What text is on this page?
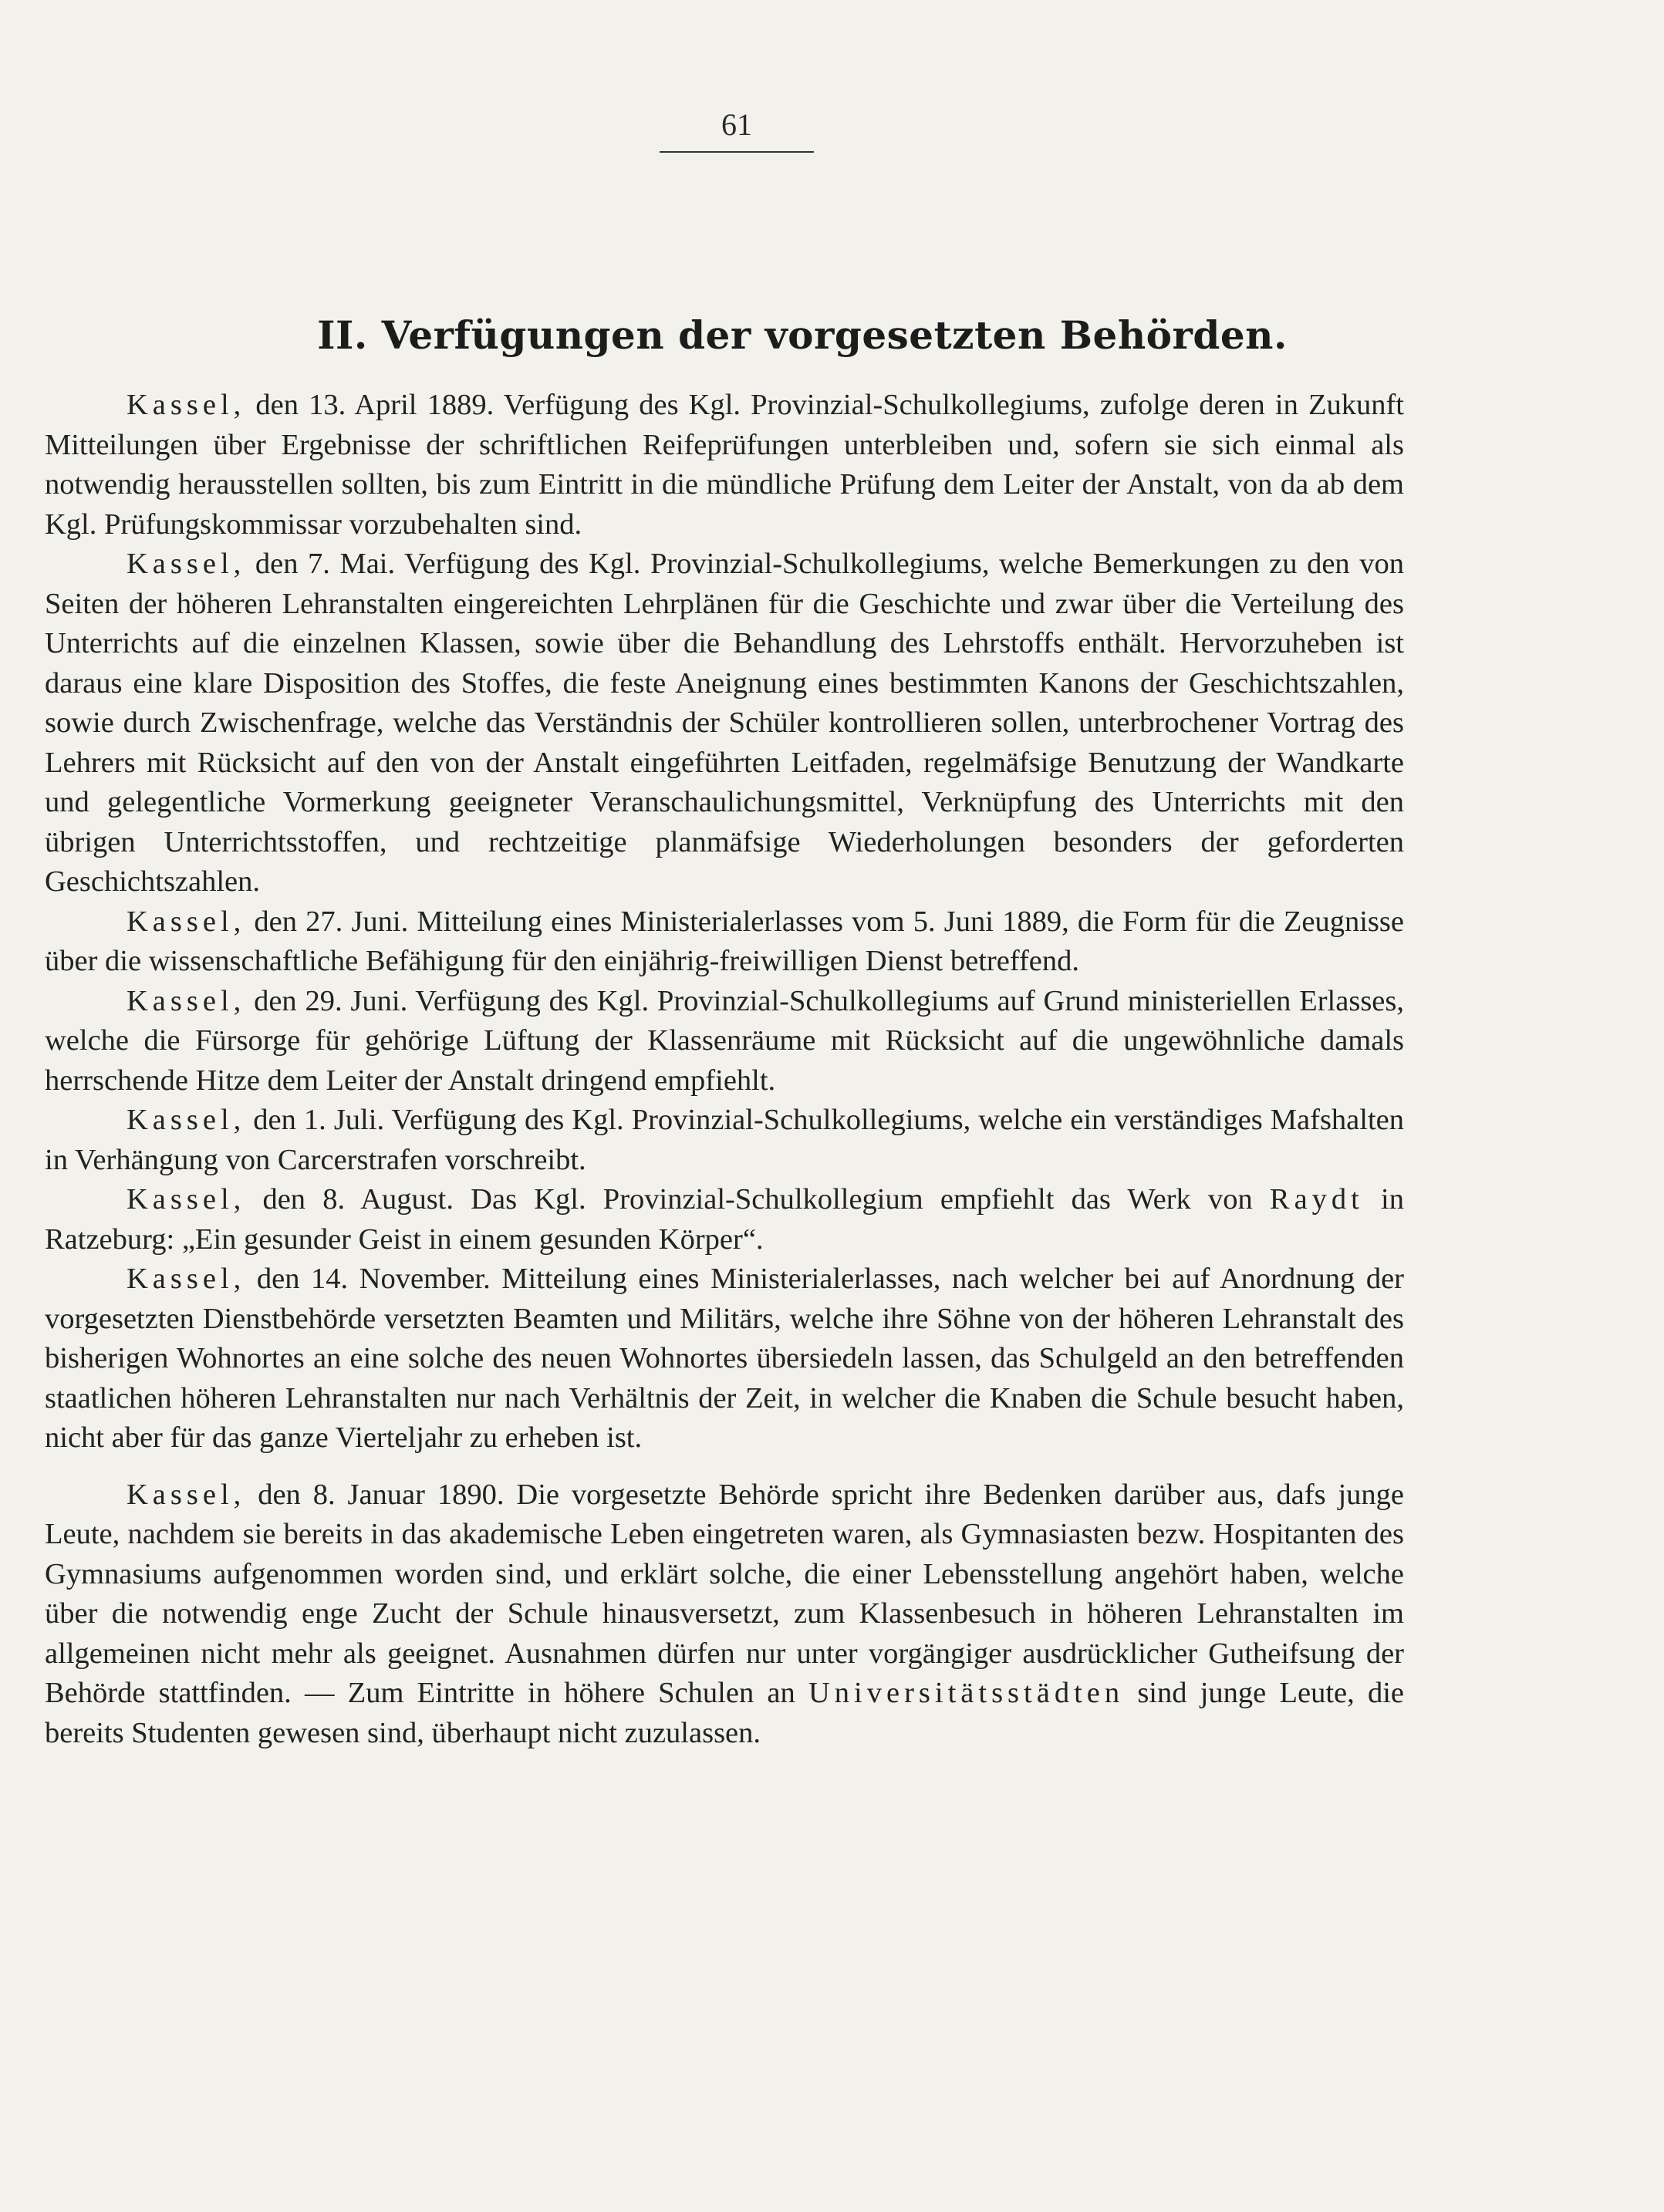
61
II. Verfügungen der vorgesetzten Behörden.

Kassel, den 13. April 1889. Verfügung des Kgl. Provinzial-Schulkollegiums, zufolge deren in Zukunft Mitteilungen über Ergebnisse der schriftlichen Reifeprüfungen unterbleiben und, sofern sie sich einmal als notwendig herausstellen sollten, bis zum Eintritt in die mündliche Prüfung dem Leiter der Anstalt, von da ab dem Kgl. Prüfungskommissar vorzubehalten sind.

Kassel, den 7. Mai. Verfügung des Kgl. Provinzial-Schulkollegiums, welche Bemerkungen zu den von Seiten der höheren Lehranstalten eingereichten Lehrplänen für die Geschichte und zwar über die Verteilung des Unterrichts auf die einzelnen Klassen, sowie über die Behandlung des Lehrstoffs enthält. Hervorzuheben ist daraus eine klare Disposition des Stoffes, die feste Aneignung eines bestimmten Kanons der Geschichtszahlen, sowie durch Zwischenfrage, welche das Verständnis der Schüler kontrollieren sollen, unterbrochener Vortrag des Lehrers mit Rücksicht auf den von der Anstalt eingeführten Leitfaden, regelmäfsige Benutzung der Wandkarte und gelegentliche Vormerkung geeigneter Veranschaulichungsmittel, Verknüpfung des Unterrichts mit den übrigen Unterrichtsstoffen, und rechtzeitige planmäfsige Wiederholungen besonders der geforderten Geschichtszahlen.

Kassel, den 27. Juni. Mitteilung eines Ministerialerlasses vom 5. Juni 1889, die Form für die Zeugnisse über die wissenschaftliche Befähigung für den einjährig-freiwilligen Dienst betreffend.

Kassel, den 29. Juni. Verfügung des Kgl. Provinzial-Schulkollegiums auf Grund ministeriellen Erlasses, welche die Fürsorge für gehörige Lüftung der Klassenräume mit Rücksicht auf die ungewöhnliche damals herrschende Hitze dem Leiter der Anstalt dringend empfiehlt.

Kassel, den 1. Juli. Verfügung des Kgl. Provinzial-Schulkollegiums, welche ein verständiges Mafshalten in Verhängung von Carcerstrafen vorschreibt.

Kassel, den 8. August. Das Kgl. Provinzial-Schulkollegium empfiehlt das Werk von Raydt in Ratzeburg: „Ein gesunder Geist in einem gesunden Körper“.

Kassel, den 14. November. Mitteilung eines Ministerialerlasses, nach welcher bei auf Anordnung der vorgesetzten Dienstbehörde versetzten Beamten und Militärs, welche ihre Söhne von der höheren Lehranstalt des bisherigen Wohnortes an eine solche des neuen Wohnortes übersiedeln lassen, das Schulgeld an den betreffenden staatlichen höheren Lehranstalten nur nach Verhältnis der Zeit, in welcher die Knaben die Schule besucht haben, nicht aber für das ganze Vierteljahr zu erheben ist.

Kassel, den 8. Januar 1890. Die vorgesetzte Behörde spricht ihre Bedenken darüber aus, dafs junge Leute, nachdem sie bereits in das akademische Leben eingetreten waren, als Gymnasiasten bezw. Hospitanten des Gymnasiums aufgenommen worden sind, und erklärt solche, die einer Lebensstellung angehört haben, welche über die notwendig enge Zucht der Schule hinausversetzt, zum Klassenbesuch in höheren Lehranstalten im allgemeinen nicht mehr als geeignet. Ausnahmen dürfen nur unter vorgängiger ausdrücklicher Gutheifsung der Behörde stattfinden. — Zum Eintritte in höhere Schulen an Universitätsstädten sind junge Leute, die bereits Studenten gewesen sind, überhaupt nicht zuzulassen.
